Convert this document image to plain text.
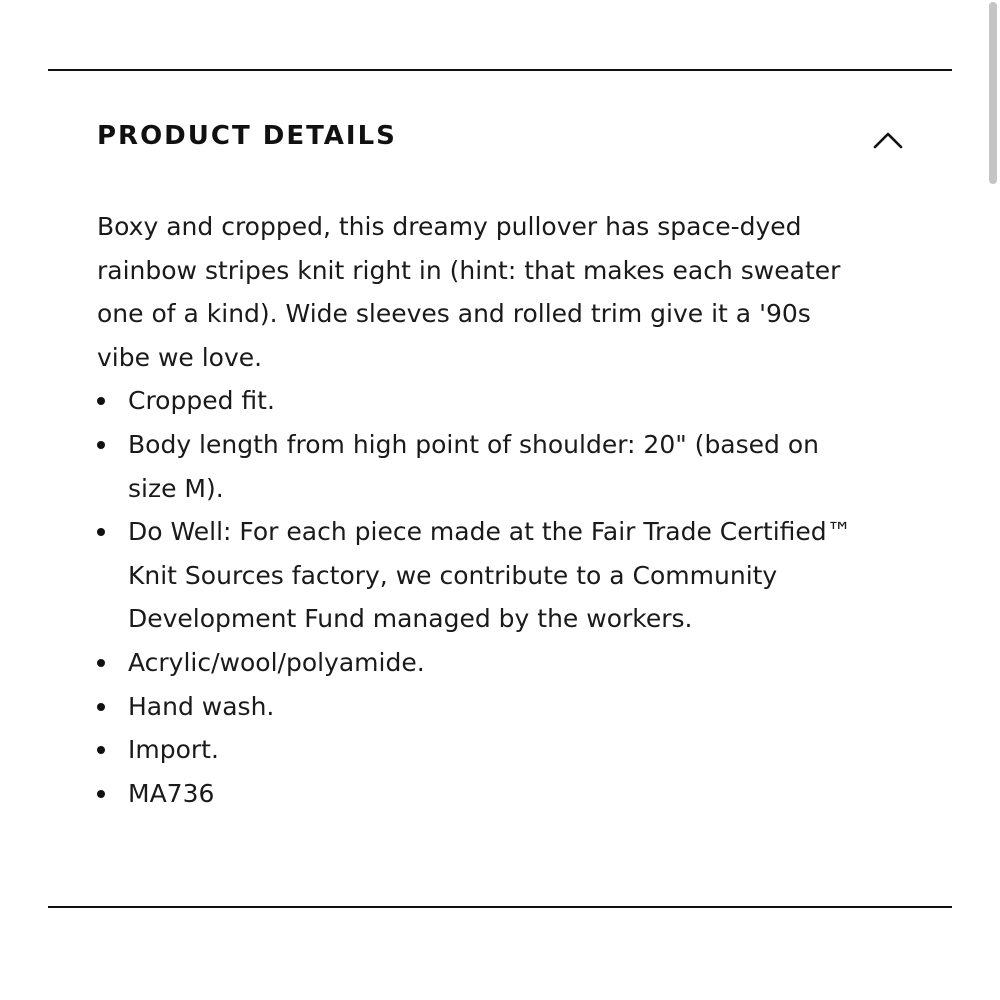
PRODUCT DETAILS

Boxy and cropped, this dreamy pullover has space-dyed rainbow stripes knit right in (hint: that makes each sweater one of a kind). Wide sleeves and rolled trim give it a '90s vibe we love.

Cropped fit.
Body length from high point of shoulder: 20" (based on size M).
Do Well: For each piece made at the Fair Trade Certified™ Knit Sources factory, we contribute to a Community Development Fund managed by the workers.
Acrylic/wool/polyamide.
Hand wash.
Import.
MA736
